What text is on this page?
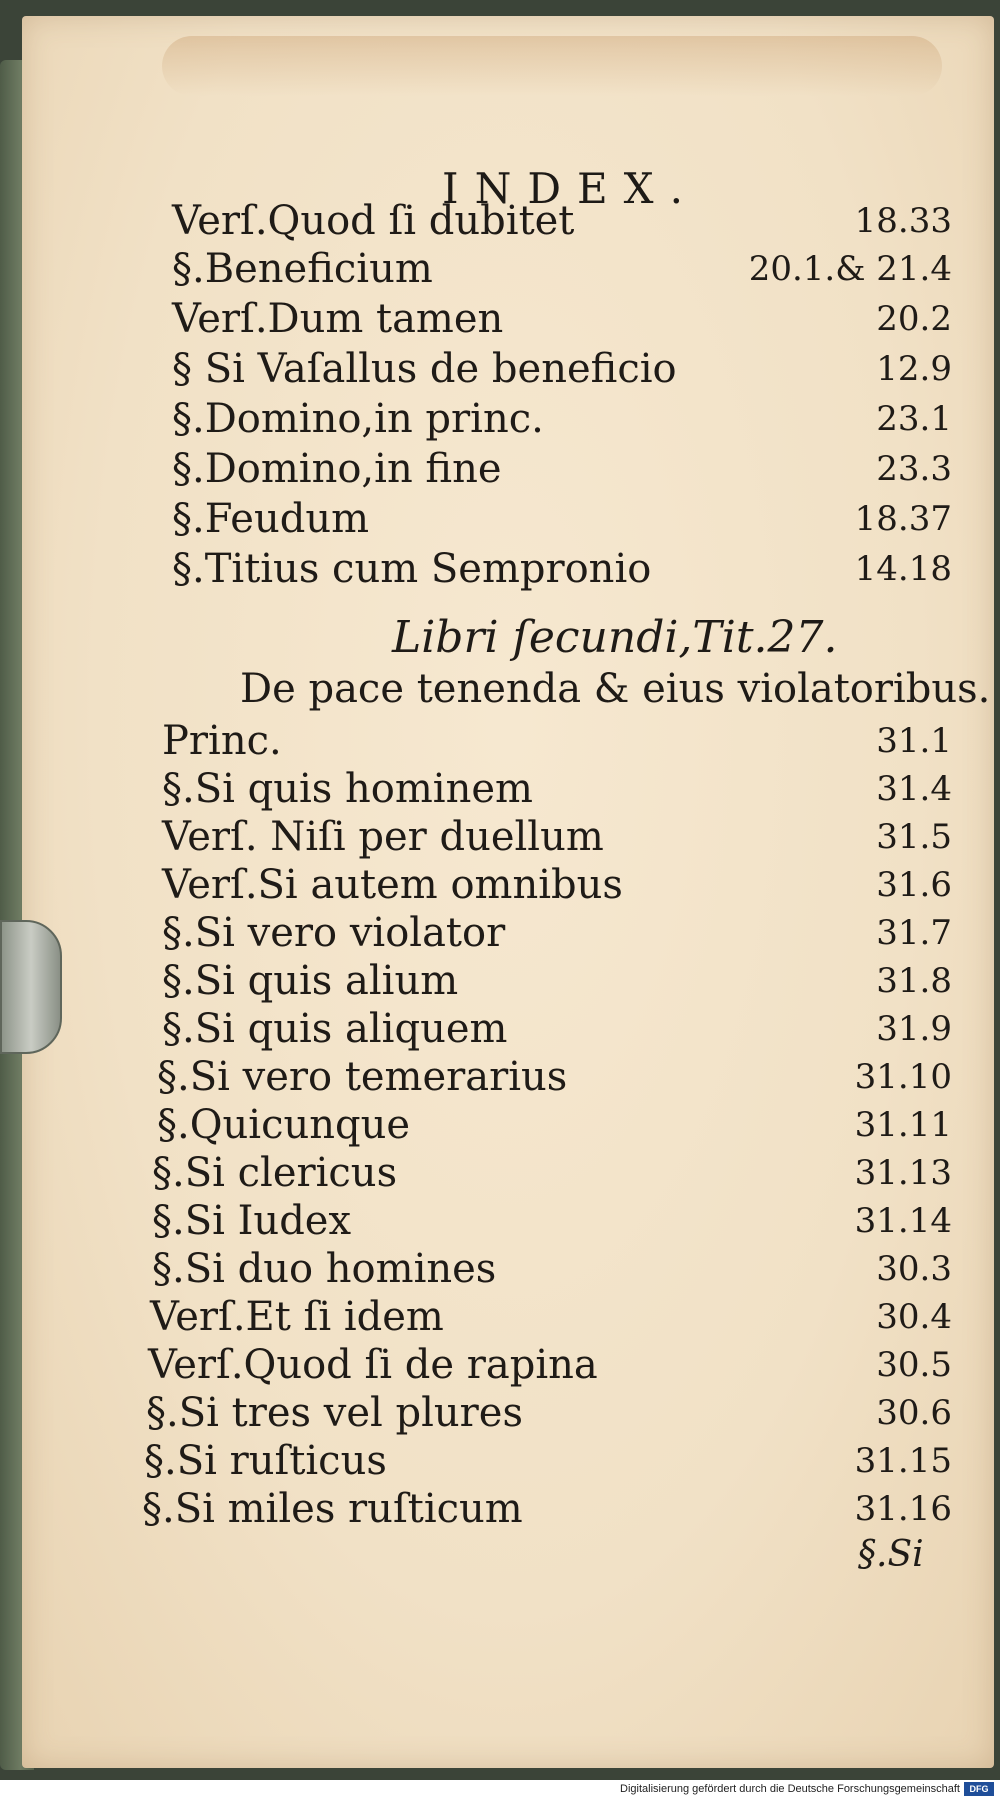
INDEX.
Verſ.Quod ſi dubitet	18.33
§.Beneficium	20.1.& 21.4
Verſ.Dum tamen	20.2
§ Si Vaſallus de beneficio	12.9
§.Domino,in princ.	23.1
§.Domino,in fine	23.3
§.Feudum	18.37
§.Titius cum Sempronio	14.18
Libri ſecundi,Tit.27.
De pace tenenda & eius violatoribus.
Princ.	31.1
§.Si quis hominem	31.4
Verſ. Niſi per duellum	31.5
Verſ.Si autem omnibus	31.6
§.Si vero violator	31.7
§.Si quis alium	31.8
§.Si quis aliquem	31.9
§.Si vero temerarius	31.10
§.Quicunque	31.11
§.Si clericus	31.13
§.Si Iudex	31.14
§.Si duo homines	30.3
Verſ.Et ſi idem	30.4
Verſ.Quod ſi de rapina	30.5
§.Si tres vel plures	30.6
§.Si ruſticus	31.15
§.Si miles ruſticum	31.16
§.Si
Digitalisierung gefördert durch die Deutsche Forschungsgemeinschaft	DFG
